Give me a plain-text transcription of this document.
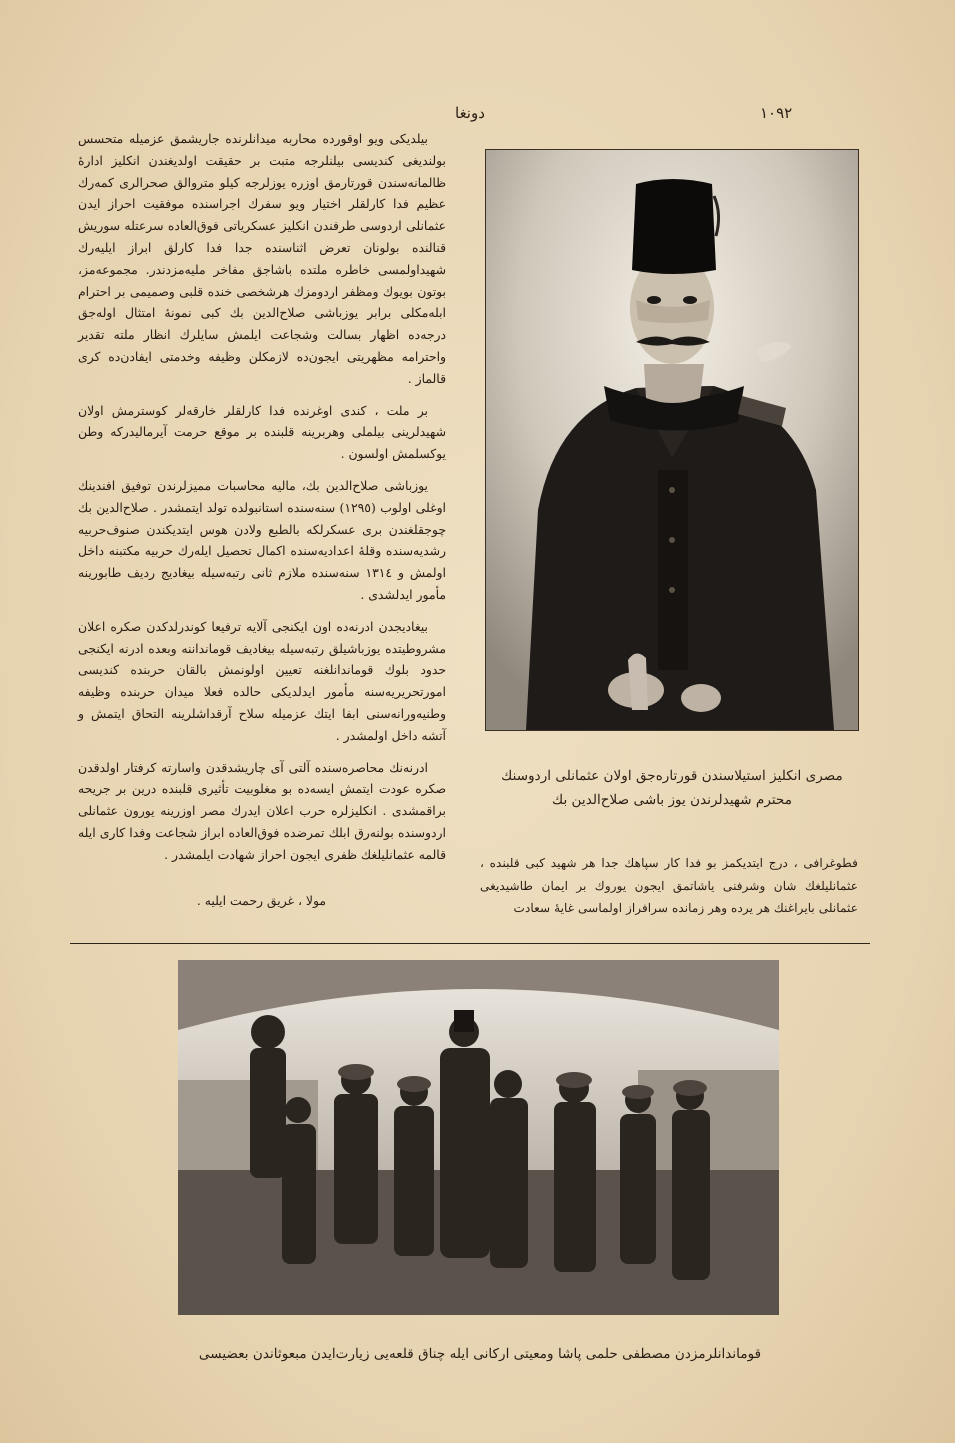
١٠٩٢
دونغا

بیلدیکی ویو اوقورده محاربه میدانلرنده جاریشمق عزمیله متحسس بولندیغی کندیسی بیلنلرجه متبت بر حقیقت اولدیغندن انکلیز ادارهٔ ظالمانه‌سندن قورتارمق اوزره یوزلرجه کیلو متروالق صحرالری کمه‌رك عظیم فدا کارلقلر اختیار ویو سفرك اجراسنده موفقیت احراز ایدن عثمانلی اردوسی طرفندن انکلیز عسکریاتی فوق‌العاده سرعتله سوریش قنالنده بولونان تعرض اثناسنده جدا فدا کارلق ابراز ایلیه‌رك شهیداولمسی خاطره ملتده باشاجق مفاخر ملیه‌مزدندر. مجموعه‌مز، بوتون بویوك ومظفر اردومزك هرشخصی خنده قلبی وصمیمی بر احترام ابله‌مکلی برابر یوزباشی صلاح‌الدین بك کبی نمونهٔ امتثال اوله‌جق درجه‌ده اظهار بسالت وشجاعت ایلمش سایلرك انظار ملته تقدیر واحترامه مظهریتی ایجون‌ده لازمکلن وظیفه وخدمتی ایفادن‌ده کری قالماز .

بر ملت ، کندی اوغرنده فدا کارلقلر خارقه‌لر کوسترمش اولان شهیدلرینی بیلملی وهربرینه قلبنده بر موقع حرمت آیرمالیدرکه وطن یوکسلمش اولسون .

یوزباشی صلاح‌الدین بك، مالیه محاسبات مميزلرندن توفیق افندینك اوغلی اولوب (١٢٩٥) سنه‌سنده استانبولده تولد ایتمشدر . صلاح‌الدین بك چوجقلغندن بری عسکرلکه بالطبع ولادن هوس ایتدیکندن صنوف‌حربیه رشدیه‌سنده وقلهٔ اعدادیه‌سنده اکمال تحصیل ایله‌رك حربیه مکتبنه داخل اولمش و ١٣١٤ سنه‌سنده ملازم ثانی رتبه‌سیله بیغادیج ردیف طابورینه مأمور ایدلشدی .

بیغادیجدن ادرنه‌ده اون ایکنجی آلایه ترفیعا کوندرلدکدن صکره اعلان مشروطیتده یوزباشیلق رتبه‌سیله بیغادیف قومانداننه وبعده ادرنه ایکنجی حدود بلوك قوماندانلغنه تعیین اولونمش بالقان حربنده کندیسی امورتحریریه‌سنه مأمور ایدلدیکی حالده فعلا میدان حربنده وظیفه وطنیه‌ورانه‌سنی ابفا ایتك عزمیله سلاح آرقداشلرینه التحاق ایتمش و آتشه داخل اولمشدر .

ادرنه‌نك محاصره‌سنده آلتی آی چاریشدقدن واسارته کرفتار اولدقدن صکره عودت ایتمش ایسه‌ده بو مغلوبیت تأثیری قلبنده درین بر جریحه براقمشدی . انکلیزلره حرب اعلان ایدرك مصر اوزرینه یورون عثمانلی اردوسنده بولنه‌رق ابلك تمرضده فوق‌العاده ابراز شجاعت وفدا کاری ایله قالمه عثمانلیلغك ظفری ایجون احراز شهادت ایلمشدر .

مولا ، غریق رحمت ایلیه .

مصری انکلیز استیلاسندن قورتاره‌جق اولان عثمانلی اردوسنك
محترم شهیدلرندن یوز باشی صلاح‌الدین بك
فطوغرافی ، درج ایتدیکمز بو فدا کار سپاهك جدا هر شهید کبی قلبنده ، عثمانلیلغك شان وشرفنی یاشاتمق ایجون یوروك بر ایمان طاشیدیغی عثمانلی بایراغنك هر یرده وهر زمانده سرافراز اولماسی غایهٔ سعادت
قوماندانلرمزدن مصطفی حلمی پاشا ومعیتی ارکانی ایله چناق قلعه‌یی زیارت‌ایدن مبعوثاندن بعضیسی
